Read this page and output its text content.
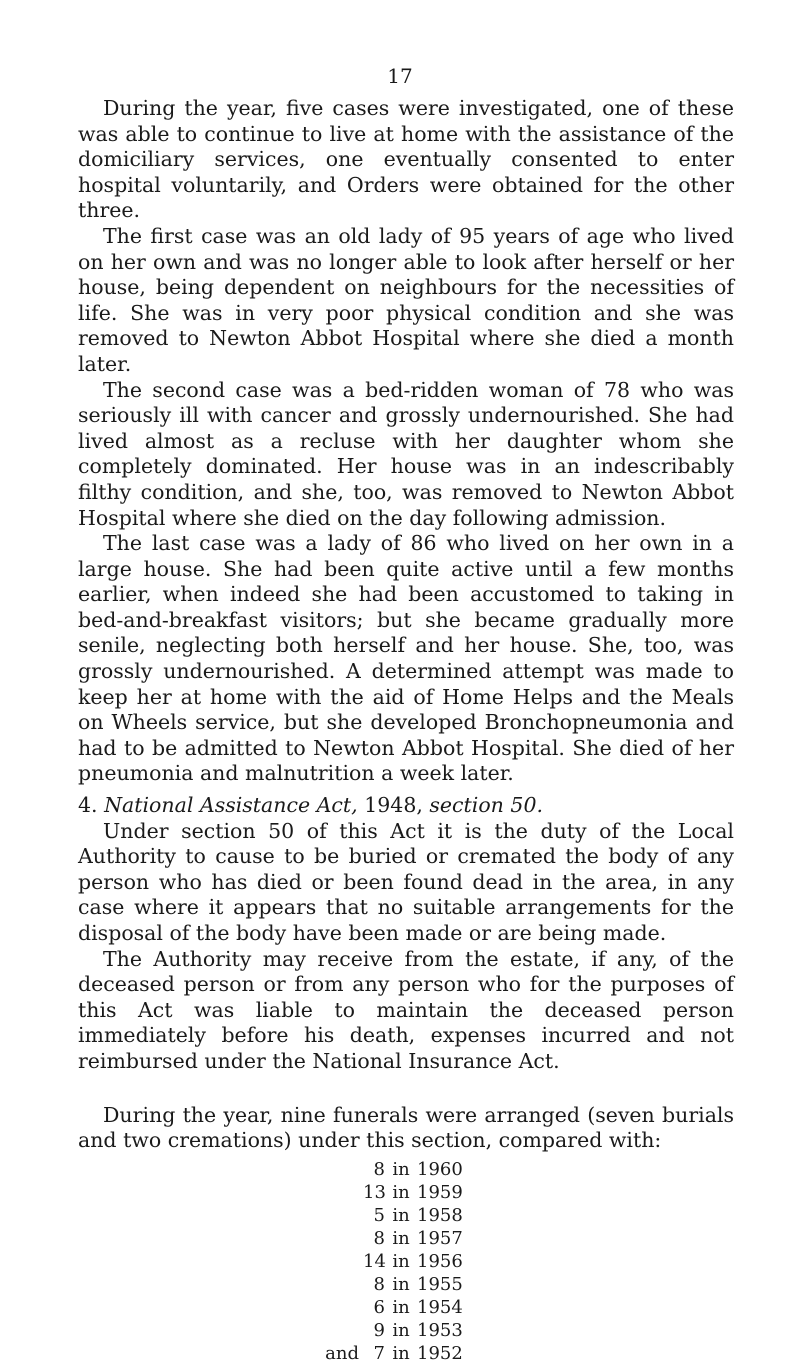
17

During the year, five cases were investigated, one of these was able to continue to live at home with the assistance of the domiciliary services, one eventually consented to enter hospital voluntarily, and Orders were obtained for the other three.

The first case was an old lady of 95 years of age who lived on her own and was no longer able to look after herself or her house, being dependent on neighbours for the necessities of life. She was in very poor physical condition and she was removed to Newton Abbot Hospital where she died a month later.

The second case was a bed-ridden woman of 78 who was seriously ill with cancer and grossly undernourished. She had lived almost as a recluse with her daughter whom she completely dominated. Her house was in an indescribably filthy condition, and she, too, was removed to Newton Abbot Hospital where she died on the day following admission.

The last case was a lady of 86 who lived on her own in a large house. She had been quite active until a few months earlier, when indeed she had been accustomed to taking in bed-and-breakfast visitors; but she became gradually more senile, neglecting both herself and her house. She, too, was grossly undernourished. A determined attempt was made to keep her at home with the aid of Home Helps and the Meals on Wheels service, but she developed Bronchopneumonia and had to be admitted to Newton Abbot Hospital. She died of her pneumonia and malnutrition a week later.

4. National Assistance Act, 1948, section 50.

Under section 50 of this Act it is the duty of the Local Authority to cause to be buried or cremated the body of any person who has died or been found dead in the area, in any case where it appears that no suitable arrangements for the disposal of the body have been made or are being made.

The Authority may receive from the estate, if any, of the deceased person or from any person who for the purposes of this Act was liable to maintain the deceased person immediately before his death, expenses incurred and not reimbursed under the National Insurance Act.

During the year, nine funerals were arranged (seven burials and two cremations) under this section, compared with:

8 in 1960
13 in 1959
5 in 1958
8 in 1957
14 in 1956
8 in 1955
6 in 1954
9 in 1953
and 7 in 1952
